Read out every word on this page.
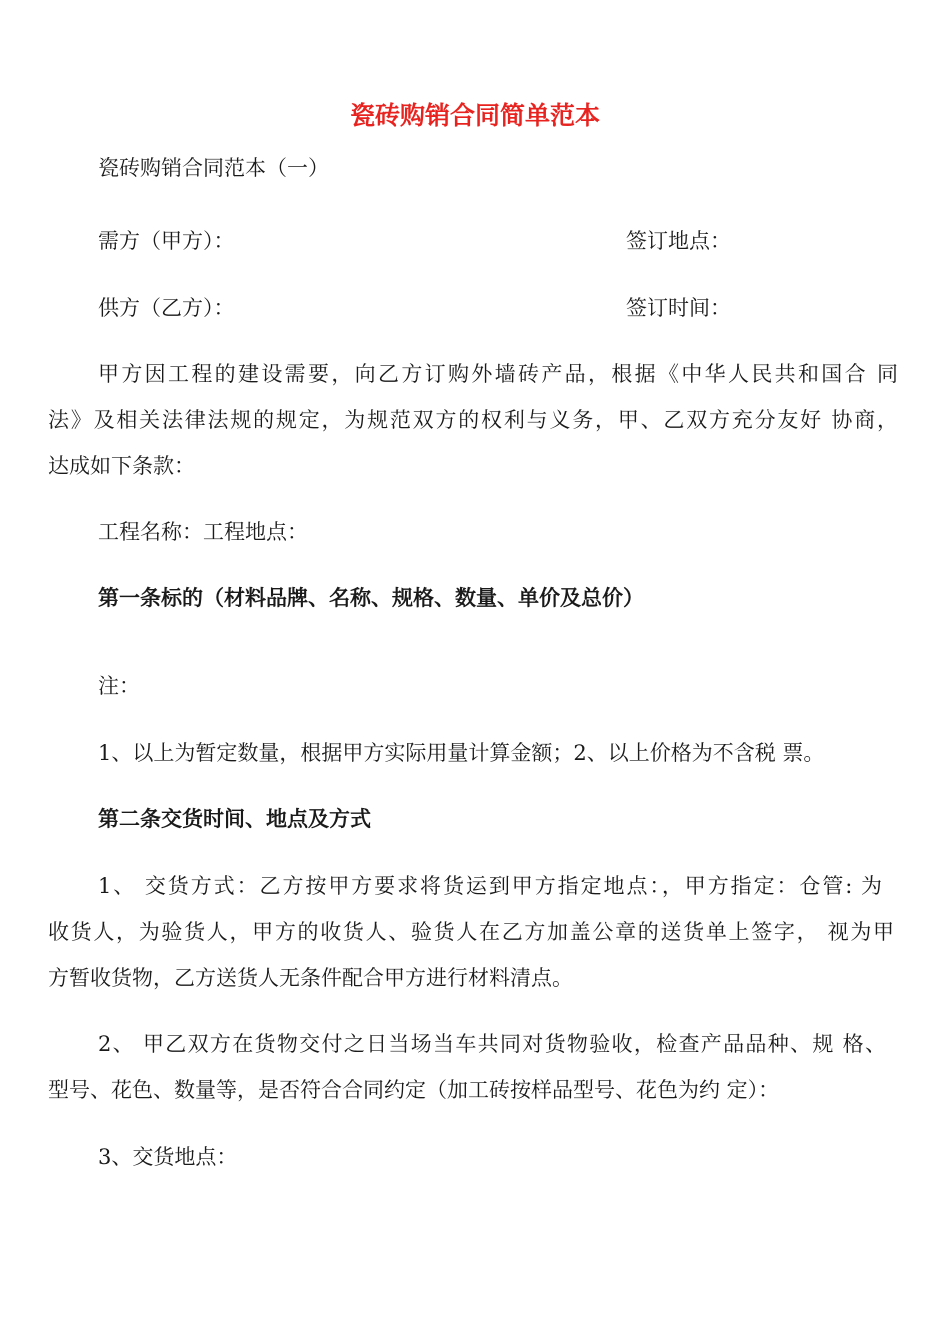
瓷砖购销合同简单范本

瓷砖购销合同范本（一）

需方（甲方）：	签订地点：

供方（乙方）：	签订时间：

甲方因工程的建设需要，向乙方订购外墙砖产品，根据《中华人民共和国合 同

法》及相关法律法规的规定，为规范双方的权利与义务，甲、乙双方充分友好 协商，

达成如下条款：

工程名称：工程地点：

第一条标的（材料品牌、名称、规格、数量、单价及总价）

注：

1、以上为暂定数量，根据甲方实际用量计算金额；2、以上价格为不含税 票。

第二条交货时间、地点及方式

1、 交货方式：乙方按甲方要求将货运到甲方指定地点：，甲方指定：仓管: 为

收货人，为验货人，甲方的收货人、验货人在乙方加盖公章的送货单上签字， 视为甲

方暂收货物，乙方送货人无条件配合甲方进行材料清点。

2、 甲乙双方在货物交付之日当场当车共同对货物验收，检查产品品种、规 格、

型号、花色、数量等，是否符合合同约定（加工砖按样品型号、花色为约 定）：

3、交货地点：
